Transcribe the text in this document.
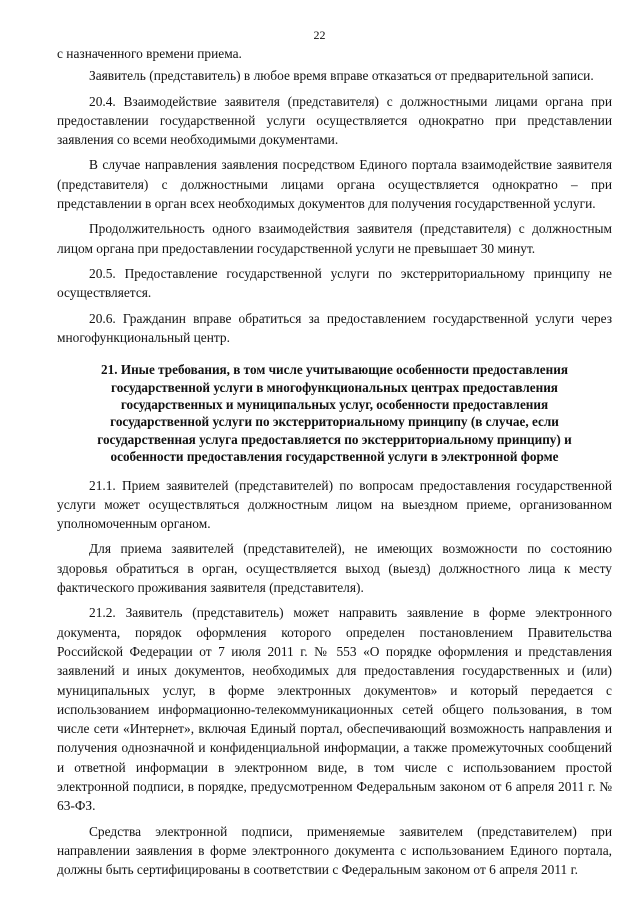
22

с назначенного времени приема.

Заявитель (представитель) в любое время вправе отказаться от предварительной записи.

20.4. Взаимодействие заявителя (представителя) с должностными лицами органа при предоставлении государственной услуги осуществляется однократно при представлении заявления со всеми необходимыми документами.

В случае направления заявления посредством Единого портала взаимодействие заявителя (представителя) с должностными лицами органа осуществляется однократно – при представлении в орган всех необходимых документов для получения государственной услуги.

Продолжительность одного взаимодействия заявителя (представителя) с должностным лицом органа при предоставлении государственной услуги не превышает 30 минут.

20.5. Предоставление государственной услуги по экстерриториальному принципу не осуществляется.

20.6. Гражданин вправе обратиться за предоставлением государственной услуги через многофункциональный центр.

21. Иные требования, в том числе учитывающие особенности предоставления государственной услуги в многофункциональных центрах предоставления государственных и муниципальных услуг, особенности предоставления государственной услуги по экстерриториальному принципу (в случае, если государственная услуга предоставляется по экстерриториальному принципу) и особенности предоставления государственной услуги в электронной форме

21.1. Прием заявителей (представителей) по вопросам предоставления государственной услуги может осуществляться должностным лицом на выездном приеме, организованном уполномоченным органом.

Для приема заявителей (представителей), не имеющих возможности по состоянию здоровья обратиться в орган, осуществляется выход (выезд) должностного лица к месту фактического проживания заявителя (представителя).

21.2. Заявитель (представитель) может направить заявление в форме электронного документа, порядок оформления которого определен постановлением Правительства Российской Федерации от 7 июля 2011 г. № 553 «О порядке оформления и представления заявлений и иных документов, необходимых для предоставления государственных и (или) муниципальных услуг, в форме электронных документов» и который передается с использованием информационно-телекоммуникационных сетей общего пользования, в том числе сети «Интернет», включая Единый портал, обеспечивающий возможность направления и получения однозначной и конфиденциальной информации, а также промежуточных сообщений и ответной информации в электронном виде, в том числе с использованием простой электронной подписи, в порядке, предусмотренном Федеральным законом от 6 апреля 2011 г. № 63-ФЗ.

Средства электронной подписи, применяемые заявителем (представителем) при направлении заявления в форме электронного документа с использованием Единого портала, должны быть сертифицированы в соответствии с Федеральным законом от 6 апреля 2011 г.
